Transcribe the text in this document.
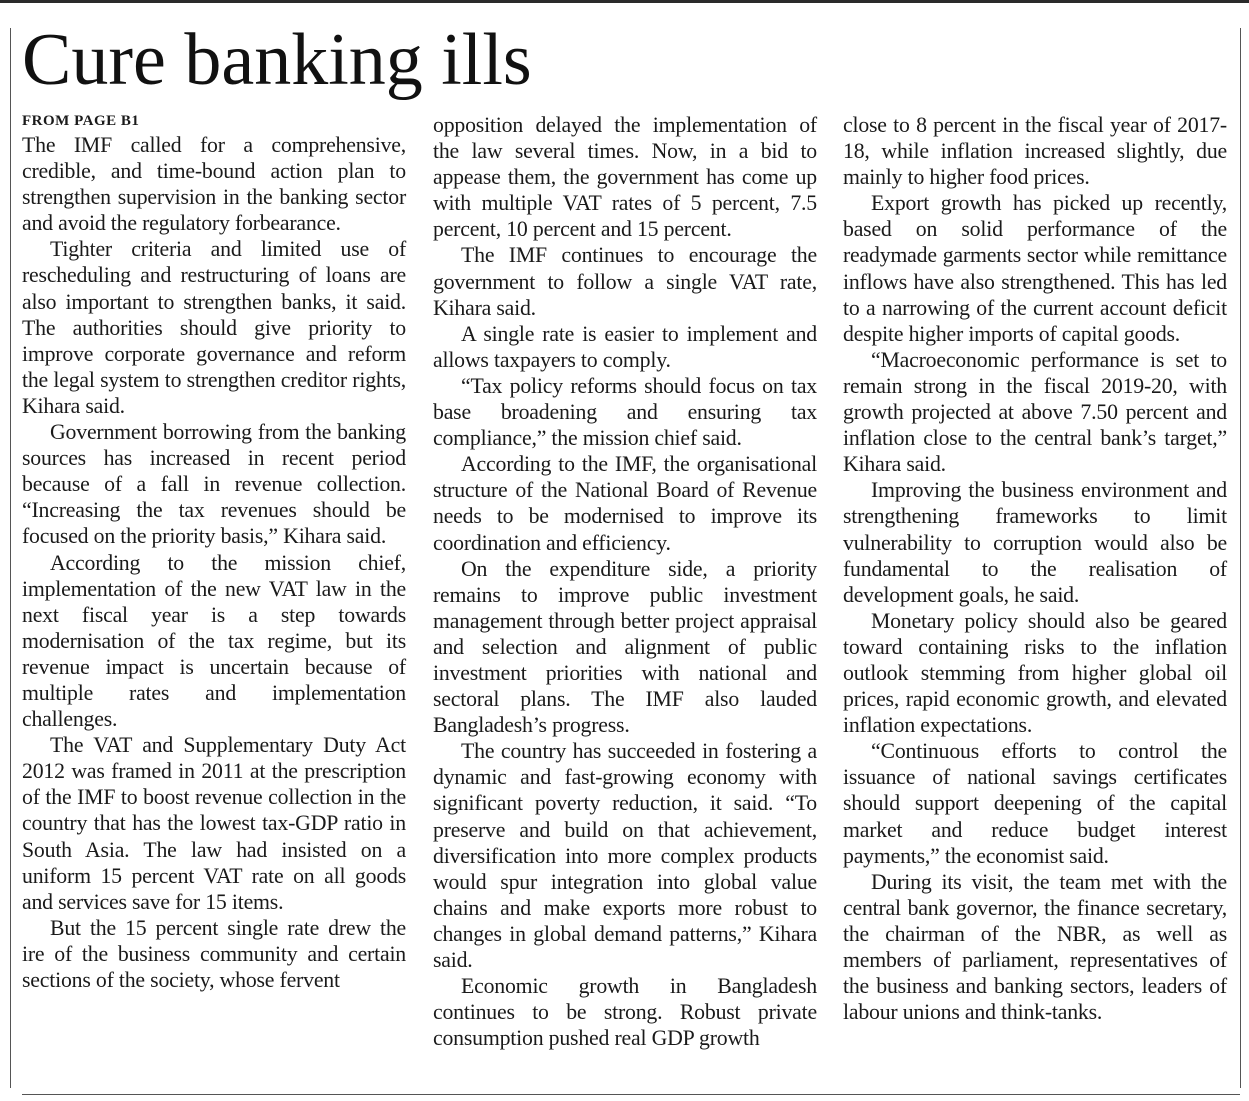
Cure banking ills
FROM PAGE B1

The IMF called for a comprehensive, credible, and time-bound action plan to strengthen supervision in the banking sector and avoid the regulatory forbearance.

Tighter criteria and limited use of rescheduling and restructuring of loans are also important to strengthen banks, it said. The authorities should give priority to improve corporate governance and reform the legal system to strengthen creditor rights, Kihara said.

Government borrowing from the banking sources has increased in recent period because of a fall in revenue collection. “Increasing the tax revenues should be focused on the priority basis,” Kihara said.

According to the mission chief, implementation of the new VAT law in the next fiscal year is a step towards modernisation of the tax regime, but its revenue impact is uncertain because of multiple rates and implementation challenges.

The VAT and Supplementary Duty Act 2012 was framed in 2011 at the prescription of the IMF to boost revenue collection in the country that has the lowest tax-GDP ratio in South Asia. The law had insisted on a uniform 15 percent VAT rate on all goods and services save for 15 items.

But the 15 percent single rate drew the ire of the business community and certain sections of the society, whose fervent

opposition delayed the implementation of the law several times. Now, in a bid to appease them, the government has come up with multiple VAT rates of 5 percent, 7.5 percent, 10 percent and 15 percent.

The IMF continues to encourage the government to follow a single VAT rate, Kihara said.

A single rate is easier to implement and allows taxpayers to comply.

“Tax policy reforms should focus on tax base broadening and ensuring tax compliance,” the mission chief said.

According to the IMF, the organisational structure of the National Board of Revenue needs to be modernised to improve its coordination and efficiency.

On the expenditure side, a priority remains to improve public investment management through better project appraisal and selection and alignment of public investment priorities with national and sectoral plans. The IMF also lauded Bangladesh’s progress.

The country has succeeded in fostering a dynamic and fast-growing economy with significant poverty reduction, it said. “To preserve and build on that achievement, diversification into more complex products would spur integration into global value chains and make exports more robust to changes in global demand patterns,” Kihara said.

Economic growth in Bangladesh continues to be strong. Robust private consumption pushed real GDP growth

close to 8 percent in the fiscal year of 2017-18, while inflation increased slightly, due mainly to higher food prices.

Export growth has picked up recently, based on solid performance of the readymade garments sector while remittance inflows have also strengthened. This has led to a narrowing of the current account deficit despite higher imports of capital goods.

“Macroeconomic performance is set to remain strong in the fiscal 2019-20, with growth projected at above 7.50 percent and inflation close to the central bank’s target,” Kihara said.

Improving the business environment and strengthening frameworks to limit vulnerability to corruption would also be fundamental to the realisation of development goals, he said.

Monetary policy should also be geared toward containing risks to the inflation outlook stemming from higher global oil prices, rapid economic growth, and elevated inflation expectations.

“Continuous efforts to control the issuance of national savings certificates should support deepening of the capital market and reduce budget interest payments,” the economist said.

During its visit, the team met with the central bank governor, the finance secretary, the chairman of the NBR, as well as members of parliament, representatives of the business and banking sectors, leaders of labour unions and think-tanks.
